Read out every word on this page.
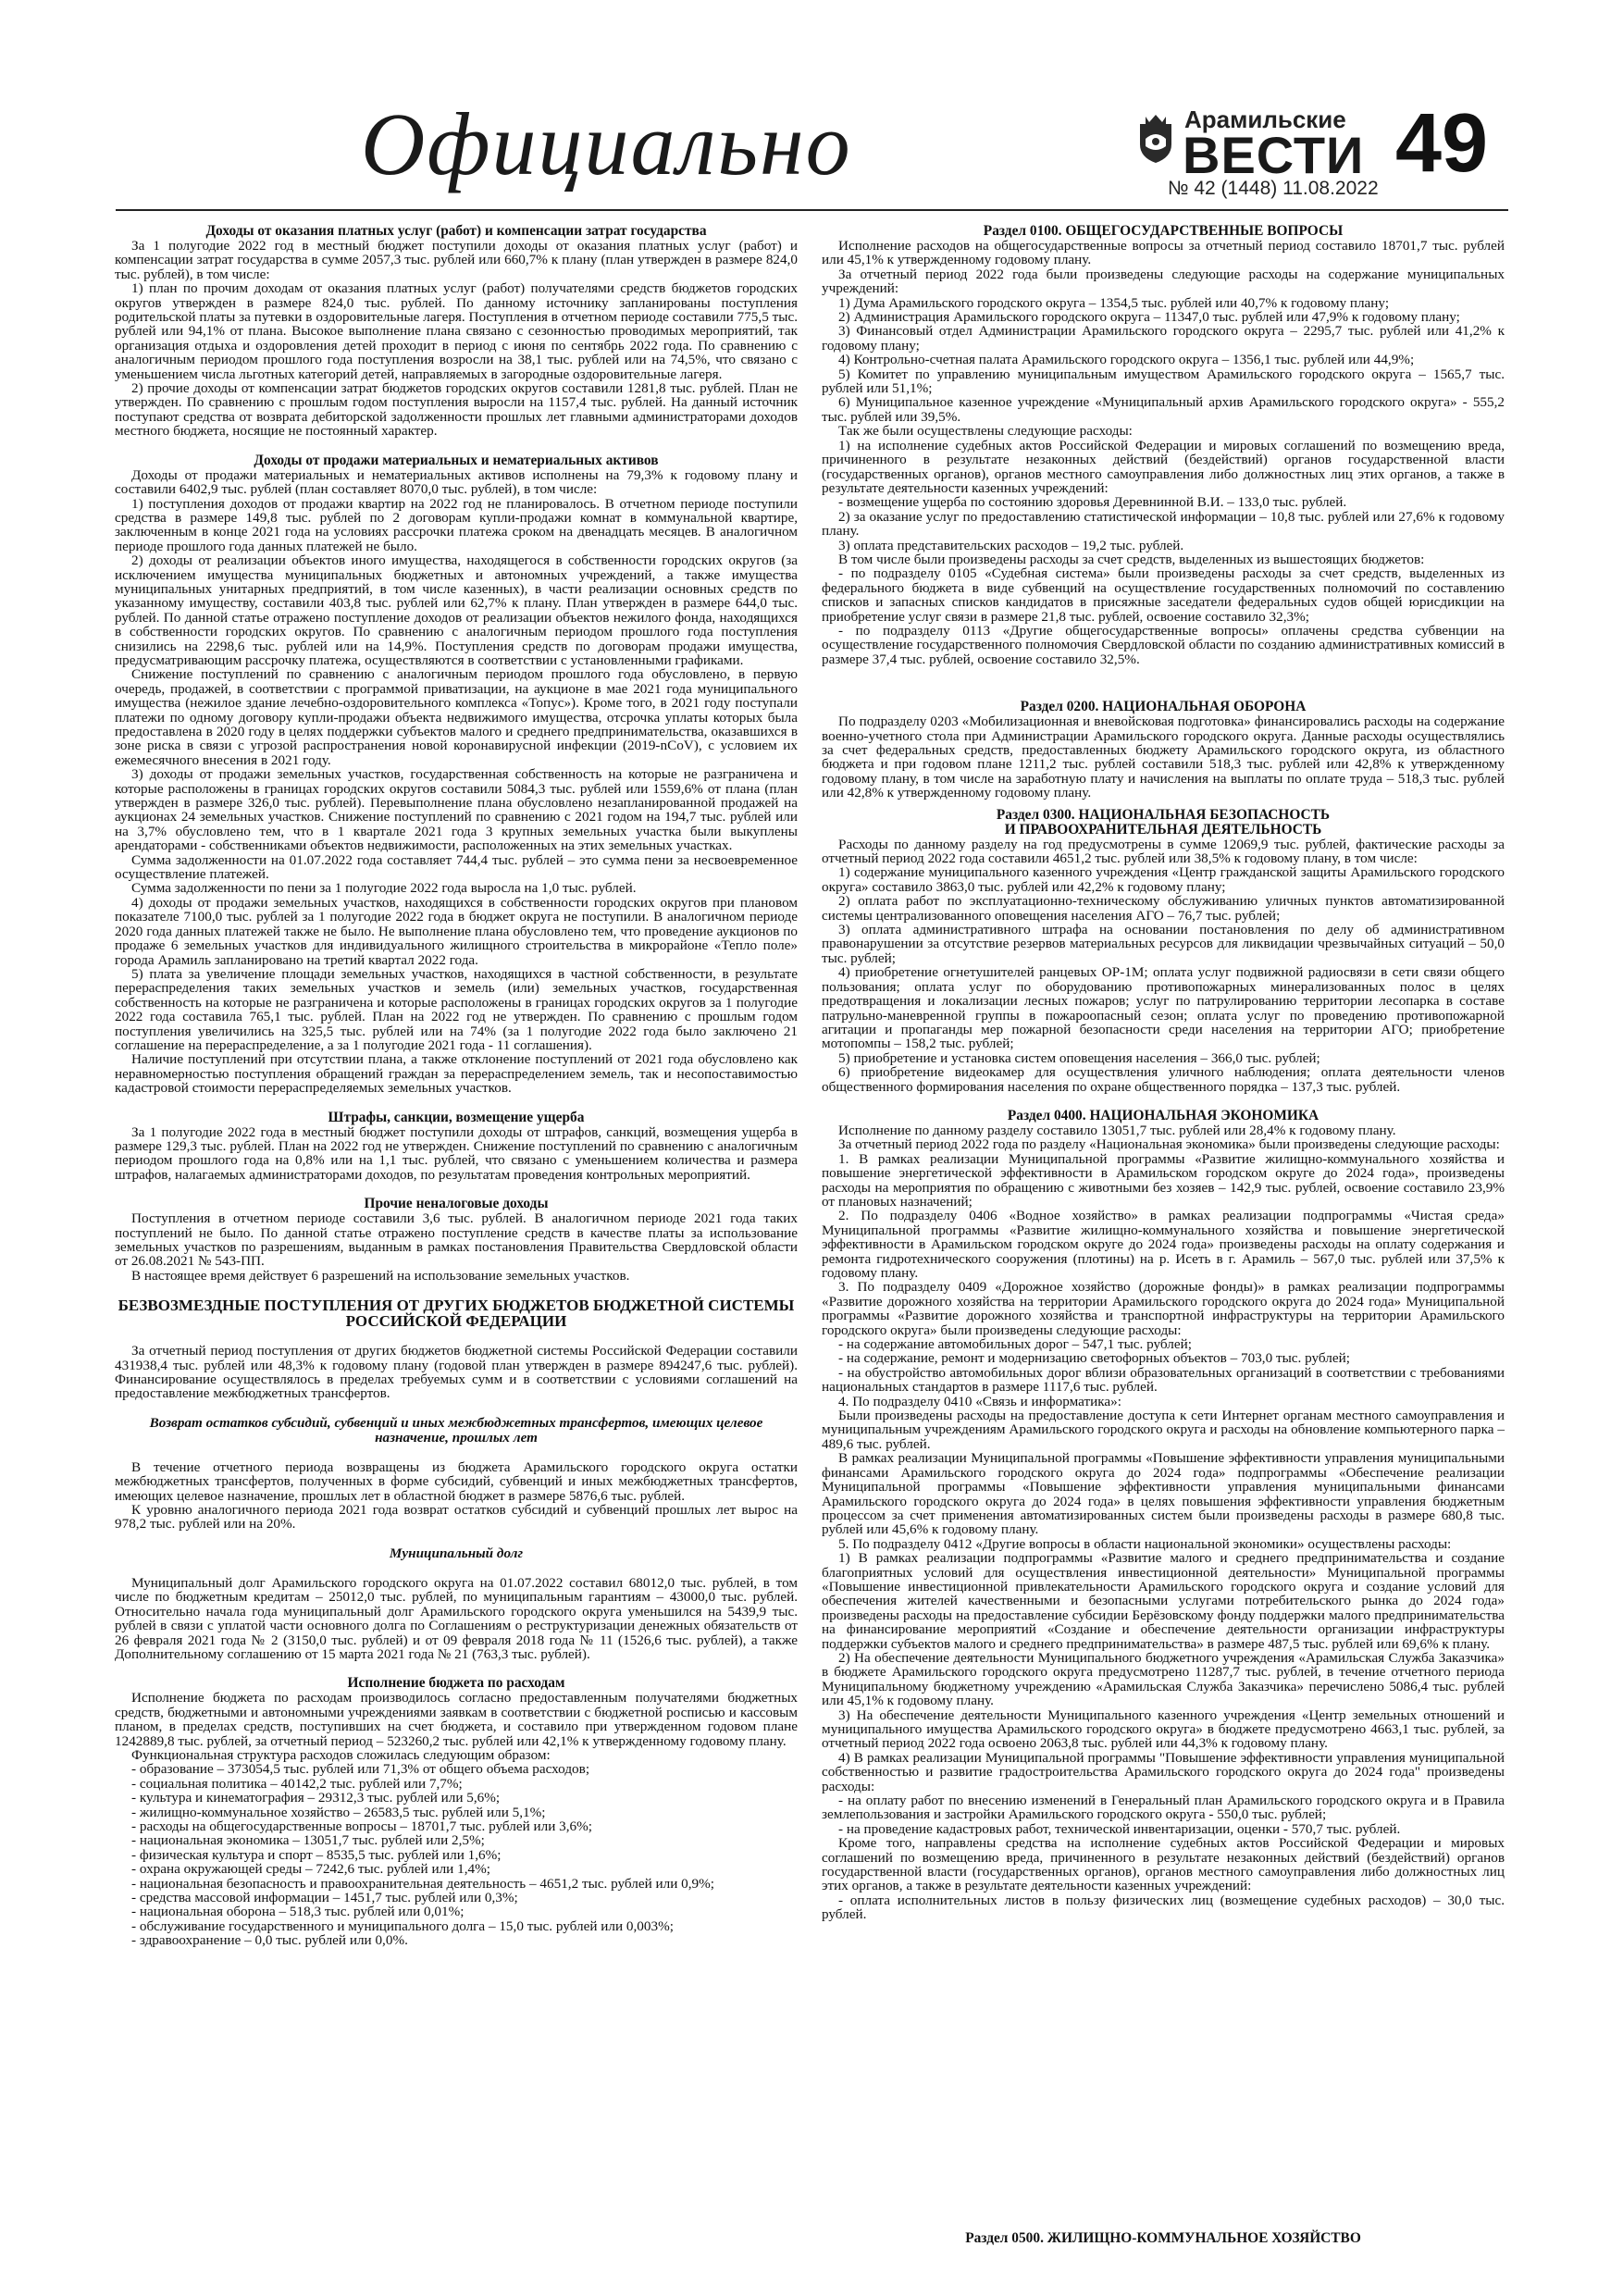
Официально	Арамильские
ВЕСТИ
№ 42 (1448) 11.08.2022 49
Доходы от оказания платных услуг (работ) и компенсации затрат государства

За 1 полугодие 2022 год в местный бюджет поступили доходы от оказания платных услуг (работ) и компенсации затрат государства в сумме 2057,3 тыс. рублей или 660,7% к плану (план утвержден в размере 824,0 тыс. рублей), в том числе:

1) план по прочим доходам от оказания платных услуг (работ) получателями средств бюджетов городских округов утвержден в размере 824,0 тыс. рублей. По данному источнику запланированы поступления родительской платы за путевки в оздоровительные лагеря. Поступления в отчетном периоде составили 775,5 тыс. рублей или 94,1% от плана. Высокое выполнение плана связано с сезонностью проводимых мероприятий, так организация отдыха и оздоровления детей проходит в период с июня по сентябрь 2022 года. По сравнению с аналогичным периодом прошлого года поступления возросли на 38,1 тыс. рублей или на 74,5%, что связано с уменьшением числа льготных категорий детей, направляемых в загородные оздоровительные лагеря.

2) прочие доходы от компенсации затрат бюджетов городских округов составили 1281,8 тыс. рублей. План не утвержден. По сравнению с прошлым годом поступления выросли на 1157,4 тыс. рублей. На данный источник поступают средства от возврата дебиторской задолженности прошлых лет главными администраторами доходов местного бюджета, носящие не постоянный характер.

Доходы от продажи материальных и нематериальных активов

Доходы от продажи материальных и нематериальных активов исполнены на 79,3% к годовому плану и составили 6402,9 тыс. рублей (план составляет 8070,0 тыс. рублей), в том числе:

1) поступления доходов от продажи квартир на 2022 год не планировалось. В отчетном периоде поступили средства в размере 149,8 тыс. рублей по 2 договорам купли-продажи комнат в коммунальной квартире, заключенным в конце 2021 года на условиях рассрочки платежа сроком на двенадцать месяцев. В аналогичном периоде прошлого года данных платежей не было.

2) доходы от реализации объектов иного имущества, находящегося в собственности городских округов (за исключением имущества муниципальных бюджетных и автономных учреждений, а также имущества муниципальных унитарных предприятий, в том числе казенных), в части реализации основных средств по указанному имуществу, составили 403,8 тыс. рублей или 62,7% к плану. План утвержден в размере 644,0 тыс. рублей. По данной статье отражено поступление доходов от реализации объектов нежилого фонда, находящихся в собственности городских округов. По сравнению с аналогичным периодом прошлого года поступления снизились на 2298,6 тыс. рублей или на 14,9%. Поступления средств по договорам продажи имущества, предусматривающим рассрочку платежа, осуществляются в соответствии с установленными графиками.

Снижение поступлений по сравнению с аналогичным периодом прошлого года обусловлено, в первую очередь, продажей, в соответствии с программой приватизации, на аукционе в мае 2021 года муниципального имущества (нежилое здание лечебно-оздоровительного комплекса «Топус»). Кроме того, в 2021 году поступали платежи по одному договору купли-продажи объекта недвижимого имущества, отсрочка уплаты которых была предоставлена в 2020 году в целях поддержки субъектов малого и среднего предпринимательства, оказавшихся в зоне риска в связи с угрозой распространения новой коронавирусной инфекции (2019-nCoV), с условием их ежемесячного внесения в 2021 году.

3) доходы от продажи земельных участков, государственная собственность на которые не разграничена и которые расположены в границах городских округов составили 5084,3 тыс. рублей или 1559,6% от плана (план утвержден в размере 326,0 тыс. рублей). Перевыполнение плана обусловлено незапланированной продажей на аукционах 24 земельных участков. Снижение поступлений по сравнению с 2021 годом на 194,7 тыс. рублей или на 3,7% обусловлено тем, что в 1 квартале 2021 года 3 крупных земельных участка были выкуплены арендаторами - собственниками объектов недвижимости, расположенных на этих земельных участках.

Сумма задолженности на 01.07.2022 года составляет 744,4 тыс. рублей – это сумма пени за несвоевременное осуществление платежей.

Сумма задолженности по пени за 1 полугодие 2022 года выросла на 1,0 тыс. рублей.

4) доходы от продажи земельных участков, находящихся в собственности городских округов при плановом показателе 7100,0 тыс. рублей за 1 полугодие 2022 года в бюджет округа не поступили. В аналогичном периоде 2020 года данных платежей также не было. Не выполнение плана обусловлено тем, что проведение аукционов по продаже 6 земельных участков для индивидуального жилищного строительства в микрорайоне «Тепло поле» города Арамиль запланировано на третий квартал 2022 года.

5) плата за увеличение площади земельных участков, находящихся в частной собственности, в результате перераспределения таких земельных участков и земель (или) земельных участков, государственная собственность на которые не разграничена и которые расположены в границах городских округов за 1 полугодие 2022 года составила 765,1 тыс. рублей. План на 2022 год не утвержден. По сравнению с прошлым годом поступления увеличились на 325,5 тыс. рублей или на 74% (за 1 полугодие 2022 года было заключено 21 соглашение на перераспределение, а за 1 полугодие 2021 года - 11 соглашения).

Наличие поступлений при отсутствии плана, а также отклонение поступлений от 2021 года обусловлено как неравномерностью поступления обращений граждан за перераспределением земель, так и несопоставимостью кадастровой стоимости перераспределяемых земельных участков.

Штрафы, санкции, возмещение ущерба

За 1 полугодие 2022 года в местный бюджет поступили доходы от штрафов, санкций, возмещения ущерба в размере 129,3 тыс. рублей. План на 2022 год не утвержден. Снижение поступлений по сравнению с аналогичным периодом прошлого года на 0,8% или на 1,1 тыс. рублей, что связано с уменьшением количества и размера штрафов, налагаемых администраторами доходов, по результатам проведения контрольных мероприятий.

Прочие неналоговые доходы

Поступления в отчетном периоде составили 3,6 тыс. рублей. В аналогичном периоде 2021 года таких поступлений не было. По данной статье отражено поступление средств в качестве платы за использование земельных участков по разрешениям, выданным в рамках постановления Правительства Свердловской области от 26.08.2021 № 543-ПП.

В настоящее время действует 6 разрешений на использование земельных участков.

БЕЗВОЗМЕЗДНЫЕ ПОСТУПЛЕНИЯ ОТ ДРУГИХ БЮДЖЕТОВ БЮДЖЕТНОЙ СИСТЕМЫ РОССИЙСКОЙ ФЕДЕРАЦИИ

За отчетный период поступления от других бюджетов бюджетной системы Российской Федерации составили 431938,4 тыс. рублей или 48,3% к годовому плану (годовой план утвержден в размере 894247,6 тыс. рублей). Финансирование осуществлялось в пределах требуемых сумм и в соответствии с условиями соглашений на предоставление межбюджетных трансфертов.

Возврат остатков субсидий, субвенций и иных межбюджетных трансфертов, имеющих целевое назначение, прошлых лет

В течение отчетного периода возвращены из бюджета Арамильского городского округа остатки межбюджетных трансфертов, полученных в форме субсидий, субвенций и иных межбюджетных трансфертов, имеющих целевое назначение, прошлых лет в областной бюджет в размере 5876,6 тыс. рублей.

К уровню аналогичного периода 2021 года возврат остатков субсидий и субвенций прошлых лет вырос на 978,2 тыс. рублей или на 20%.

Муниципальный долг

Муниципальный долг Арамильского городского округа на 01.07.2022 составил 68012,0 тыс. рублей, в том числе по бюджетным кредитам – 25012,0 тыс. рублей, по муниципальным гарантиям – 43000,0 тыс. рублей. Относительно начала года муниципальный долг Арамильского городского округа уменьшился на 5439,9 тыс. рублей в связи с уплатой части основного долга по Соглашениям о реструктуризации денежных обязательств от 26 февраля 2021 года № 2 (3150,0 тыс. рублей) и от 09 февраля 2018 года № 11 (1526,6 тыс. рублей), а также Дополнительному соглашению от 15 марта 2021 года № 21 (763,3 тыс. рублей).

Исполнение бюджета по расходам

Исполнение бюджета по расходам производилось согласно предоставленным получателями бюджетных средств, бюджетными и автономными учреждениями заявкам в соответствии с бюджетной росписью и кассовым планом, в пределах средств, поступивших на счет бюджета, и составило при утвержденном годовом плане 1242889,8 тыс. рублей, за отчетный период – 523260,2 тыс. рублей или 42,1% к утвержденному годовому плану.

Функциональная структура расходов сложилась следующим образом:

- образование – 373054,5 тыс. рублей или 71,3% от общего объема расходов;

- социальная политика – 40142,2 тыс. рублей или 7,7%;

- культура и кинематография – 29312,3 тыс. рублей или 5,6%;

- жилищно-коммунальное хозяйство – 26583,5 тыс. рублей или 5,1%;

- расходы на общегосударственные вопросы – 18701,7 тыс. рублей или 3,6%;

- национальная экономика – 13051,7 тыс. рублей или 2,5%;

- физическая культура и спорт – 8535,5 тыс. рублей или 1,6%;

- охрана окружающей среды – 7242,6 тыс. рублей или 1,4%;

- национальная безопасность и правоохранительная деятельность – 4651,2 тыс. рублей или 0,9%;

- средства массовой информации – 1451,7 тыс. рублей или 0,3%;

- национальная оборона – 518,3 тыс. рублей или 0,01%;

- обслуживание государственного и муниципального долга – 15,0 тыс. рублей или 0,003%;

- здравоохранение – 0,0 тыс. рублей или 0,0%.

Раздел 0100. ОБЩЕГОСУДАРСТВЕННЫЕ ВОПРОСЫ

Исполнение расходов на общегосударственные вопросы за отчетный период составило 18701,7 тыс. рублей или 45,1% к утвержденному годовому плану.

За отчетный период 2022 года были произведены следующие расходы на содержание муниципальных учреждений:

1) Дума Арамильского городского округа – 1354,5 тыс. рублей или 40,7% к годовому плану;

2) Администрация Арамильского городского округа – 11347,0 тыс. рублей или 47,9% к годовому плану;

3) Финансовый отдел Администрации Арамильского городского округа – 2295,7 тыс. рублей или 41,2% к годовому плану;

4) Контрольно-счетная палата Арамильского городского округа – 1356,1 тыс. рублей или 44,9%;

5) Комитет по управлению муниципальным имуществом Арамильского городского округа – 1565,7 тыс. рублей или 51,1%;

6) Муниципальное казенное учреждение «Муниципальный архив Арамильского городского округа» - 555,2 тыс. рублей или 39,5%.

Так же были осуществлены следующие расходы:

1) на исполнение судебных актов Российской Федерации и мировых соглашений по возмещению вреда, причиненного в результате незаконных действий (бездействий) органов государственной власти (государственных органов), органов местного самоуправления либо должностных лиц этих органов, а также в результате деятельности казенных учреждений:

- возмещение ущерба по состоянию здоровья Деревнинной В.И. – 133,0 тыс. рублей.

2) за оказание услуг по предоставлению статистической информации – 10,8 тыс. рублей или 27,6% к годовому плану.

3) оплата представительских расходов – 19,2 тыс. рублей.

В том числе были произведены расходы за счет средств, выделенных из вышестоящих бюджетов:

- по подразделу 0105 «Судебная система» были произведены расходы за счет средств, выделенных из федерального бюджета в виде субвенций на осуществление государственных полномочий по составлению списков и запасных списков кандидатов в присяжные заседатели федеральных судов общей юрисдикции на приобретение услуг связи в размере 21,8 тыс. рублей, освоение составило 32,3%;

- по подразделу 0113 «Другие общегосударственные вопросы» оплачены средства субвенции на осуществление государственного полномочия Свердловской области по созданию административных комиссий в размере 37,4 тыс. рублей, освоение составило 32,5%.

Раздел 0200. НАЦИОНАЛЬНАЯ ОБОРОНА

По подразделу 0203 «Мобилизационная и вневойсковая подготовка» финансировались расходы на содержание военно-учетного стола при Администрации Арамильского городского округа. Данные расходы осуществлялись за счет федеральных средств, предоставленных бюджету Арамильского городского округа, из областного бюджета и при годовом плане 1211,2 тыс. рублей составили 518,3 тыс. рублей или 42,8% к утвержденному годовому плану, в том числе на заработную плату и начисления на выплаты по оплате труда – 518,3 тыс. рублей или 42,8% к утвержденному годовому плану.

Раздел 0300. НАЦИОНАЛЬНАЯ БЕЗОПАСНОСТЬ
И ПРАВООХРАНИТЕЛЬНАЯ ДЕЯТЕЛЬНОСТЬ

Расходы по данному разделу на год предусмотрены в сумме 12069,9 тыс. рублей, фактические расходы за отчетный период 2022 года составили 4651,2 тыс. рублей или 38,5% к годовому плану, в том числе:

1) содержание муниципального казенного учреждения «Центр гражданской защиты Арамильского городского округа» составило 3863,0 тыс. рублей или 42,2% к годовому плану;

2) оплата работ по эксплуатационно-техническому обслуживанию уличных пунктов автоматизированной системы централизованного оповещения населения АГО – 76,7 тыс. рублей;

3) оплата административного штрафа на основании постановления по делу об административном правонарушении за отсутствие резервов материальных ресурсов для ликвидации чрезвычайных ситуаций – 50,0 тыс. рублей;

4) приобретение огнетушителей ранцевых ОР-1М; оплата услуг подвижной радиосвязи в сети связи общего пользования; оплата услуг по оборудованию противопожарных минерализованных полос в целях предотвращения и локализации лесных пожаров; услуг по патрулированию территории лесопарка в составе патрульно-маневренной группы в пожароопасный сезон; оплата услуг по проведению противопожарной агитации и пропаганды мер пожарной безопасности среди населения на территории АГО; приобретение мотопомпы – 158,2 тыс. рублей;

5) приобретение и установка систем оповещения населения – 366,0 тыс. рублей;

6) приобретение видеокамер для осуществления уличного наблюдения; оплата деятельности членов общественного формирования населения по охране общественного порядка – 137,3 тыс. рублей.

Раздел 0400. НАЦИОНАЛЬНАЯ ЭКОНОМИКА

Исполнение по данному разделу составило 13051,7 тыс. рублей или 28,4% к годовому плану.

За отчетный период 2022 года по разделу «Национальная экономика» были произведены следующие расходы:

1. В рамках реализации Муниципальной программы «Развитие жилищно-коммунального хозяйства и повышение энергетической эффективности в Арамильском городском округе до 2024 года», произведены расходы на мероприятия по обращению с животными без хозяев – 142,9 тыс. рублей, освоение составило 23,9% от плановых назначений;

2. По подразделу 0406 «Водное хозяйство» в рамках реализации подпрограммы «Чистая среда» Муниципальной программы «Развитие жилищно-коммунального хозяйства и повышение энергетической эффективности в Арамильском городском округе до 2024 года» произведены расходы на оплату содержания и ремонта гидротехнического сооружения (плотины) на р. Исеть в г. Арамиль – 567,0 тыс. рублей или 37,5% к годовому плану.

3. По подразделу 0409 «Дорожное хозяйство (дорожные фонды)» в рамках реализации подпрограммы «Развитие дорожного хозяйства на территории Арамильского городского округа до 2024 года» Муниципальной программы «Развитие дорожного хозяйства и транспортной инфраструктуры на территории Арамильского городского округа» были произведены следующие расходы:

- на содержание автомобильных дорог – 547,1 тыс. рублей;

- на содержание, ремонт и модернизацию светофорных объектов – 703,0 тыс. рублей;

- на обустройство автомобильных дорог вблизи образовательных организаций в соответствии с требованиями национальных стандартов в размере 1117,6 тыс. рублей.

4. По подразделу 0410 «Связь и информатика»:

Были произведены расходы на предоставление доступа к сети Интернет органам местного самоуправления и муниципальным учреждениям Арамильского городского округа и расходы на обновление компьютерного парка – 489,6 тыс. рублей.

В рамках реализации Муниципальной программы «Повышение эффективности управления муниципальными финансами Арамильского городского округа до 2024 года» подпрограммы «Обеспечение реализации Муниципальной программы «Повышение эффективности управления муниципальными финансами Арамильского городского округа до 2024 года» в целях повышения эффективности управления бюджетным процессом за счет применения автоматизированных систем были произведены расходы в размере 680,8 тыс. рублей или 45,6% к годовому плану.

5. По подразделу 0412 «Другие вопросы в области национальной экономики» осуществлены расходы:

1) В рамках реализации подпрограммы «Развитие малого и среднего предпринимательства и создание благоприятных условий для осуществления инвестиционной деятельности» Муниципальной программы «Повышение инвестиционной привлекательности Арамильского городского округа и создание условий для обеспечения жителей качественными и безопасными услугами потребительского рынка до 2024 года» произведены расходы на предоставление субсидии Берёзовскому фонду поддержки малого предпринимательства на финансирование мероприятий «Создание и обеспечение деятельности организации инфраструктуры поддержки субъектов малого и среднего предпринимательства» в размере 487,5 тыс. рублей или 69,6% к плану.

2) На обеспечение деятельности Муниципального бюджетного учреждения «Арамильская Служба Заказчика» в бюджете Арамильского городского округа предусмотрено 11287,7 тыс. рублей, в течение отчетного периода Муниципальному бюджетному учреждению «Арамильская Служба Заказчика» перечислено 5086,4 тыс. рублей или 45,1% к годовому плану.

3) На обеспечение деятельности Муниципального казенного учреждения «Центр земельных отношений и муниципального имущества Арамильского городского округа» в бюджете предусмотрено 4663,1 тыс. рублей, за отчетный период 2022 года освоено 2063,8 тыс. рублей или 44,3% к годовому плану.

4) В рамках реализации Муниципальной программы "Повышение эффективности управления муниципальной собственностью и развитие градостроительства Арамильского городского округа до 2024 года" произведены расходы:

- на оплату работ по внесению изменений в Генеральный план Арамильского городского округа и в Правила землепользования и застройки Арамильского городского округа - 550,0 тыс. рублей;

- на проведение кадастровых работ, технической инвентаризации, оценки - 570,7 тыс. рублей.

Кроме того, направлены средства на исполнение судебных актов Российской Федерации и мировых соглашений по возмещению вреда, причиненного в результате незаконных действий (бездействий) органов государственной власти (государственных органов), органов местного самоуправления либо должностных лиц этих органов, а также в результате деятельности казенных учреждений:

- оплата исполнительных листов в пользу физических лиц (возмещение судебных расходов) – 30,0 тыс. рублей.

Раздел 0500. ЖИЛИЩНО-КОММУНАЛЬНОЕ ХОЗЯЙСТВО
